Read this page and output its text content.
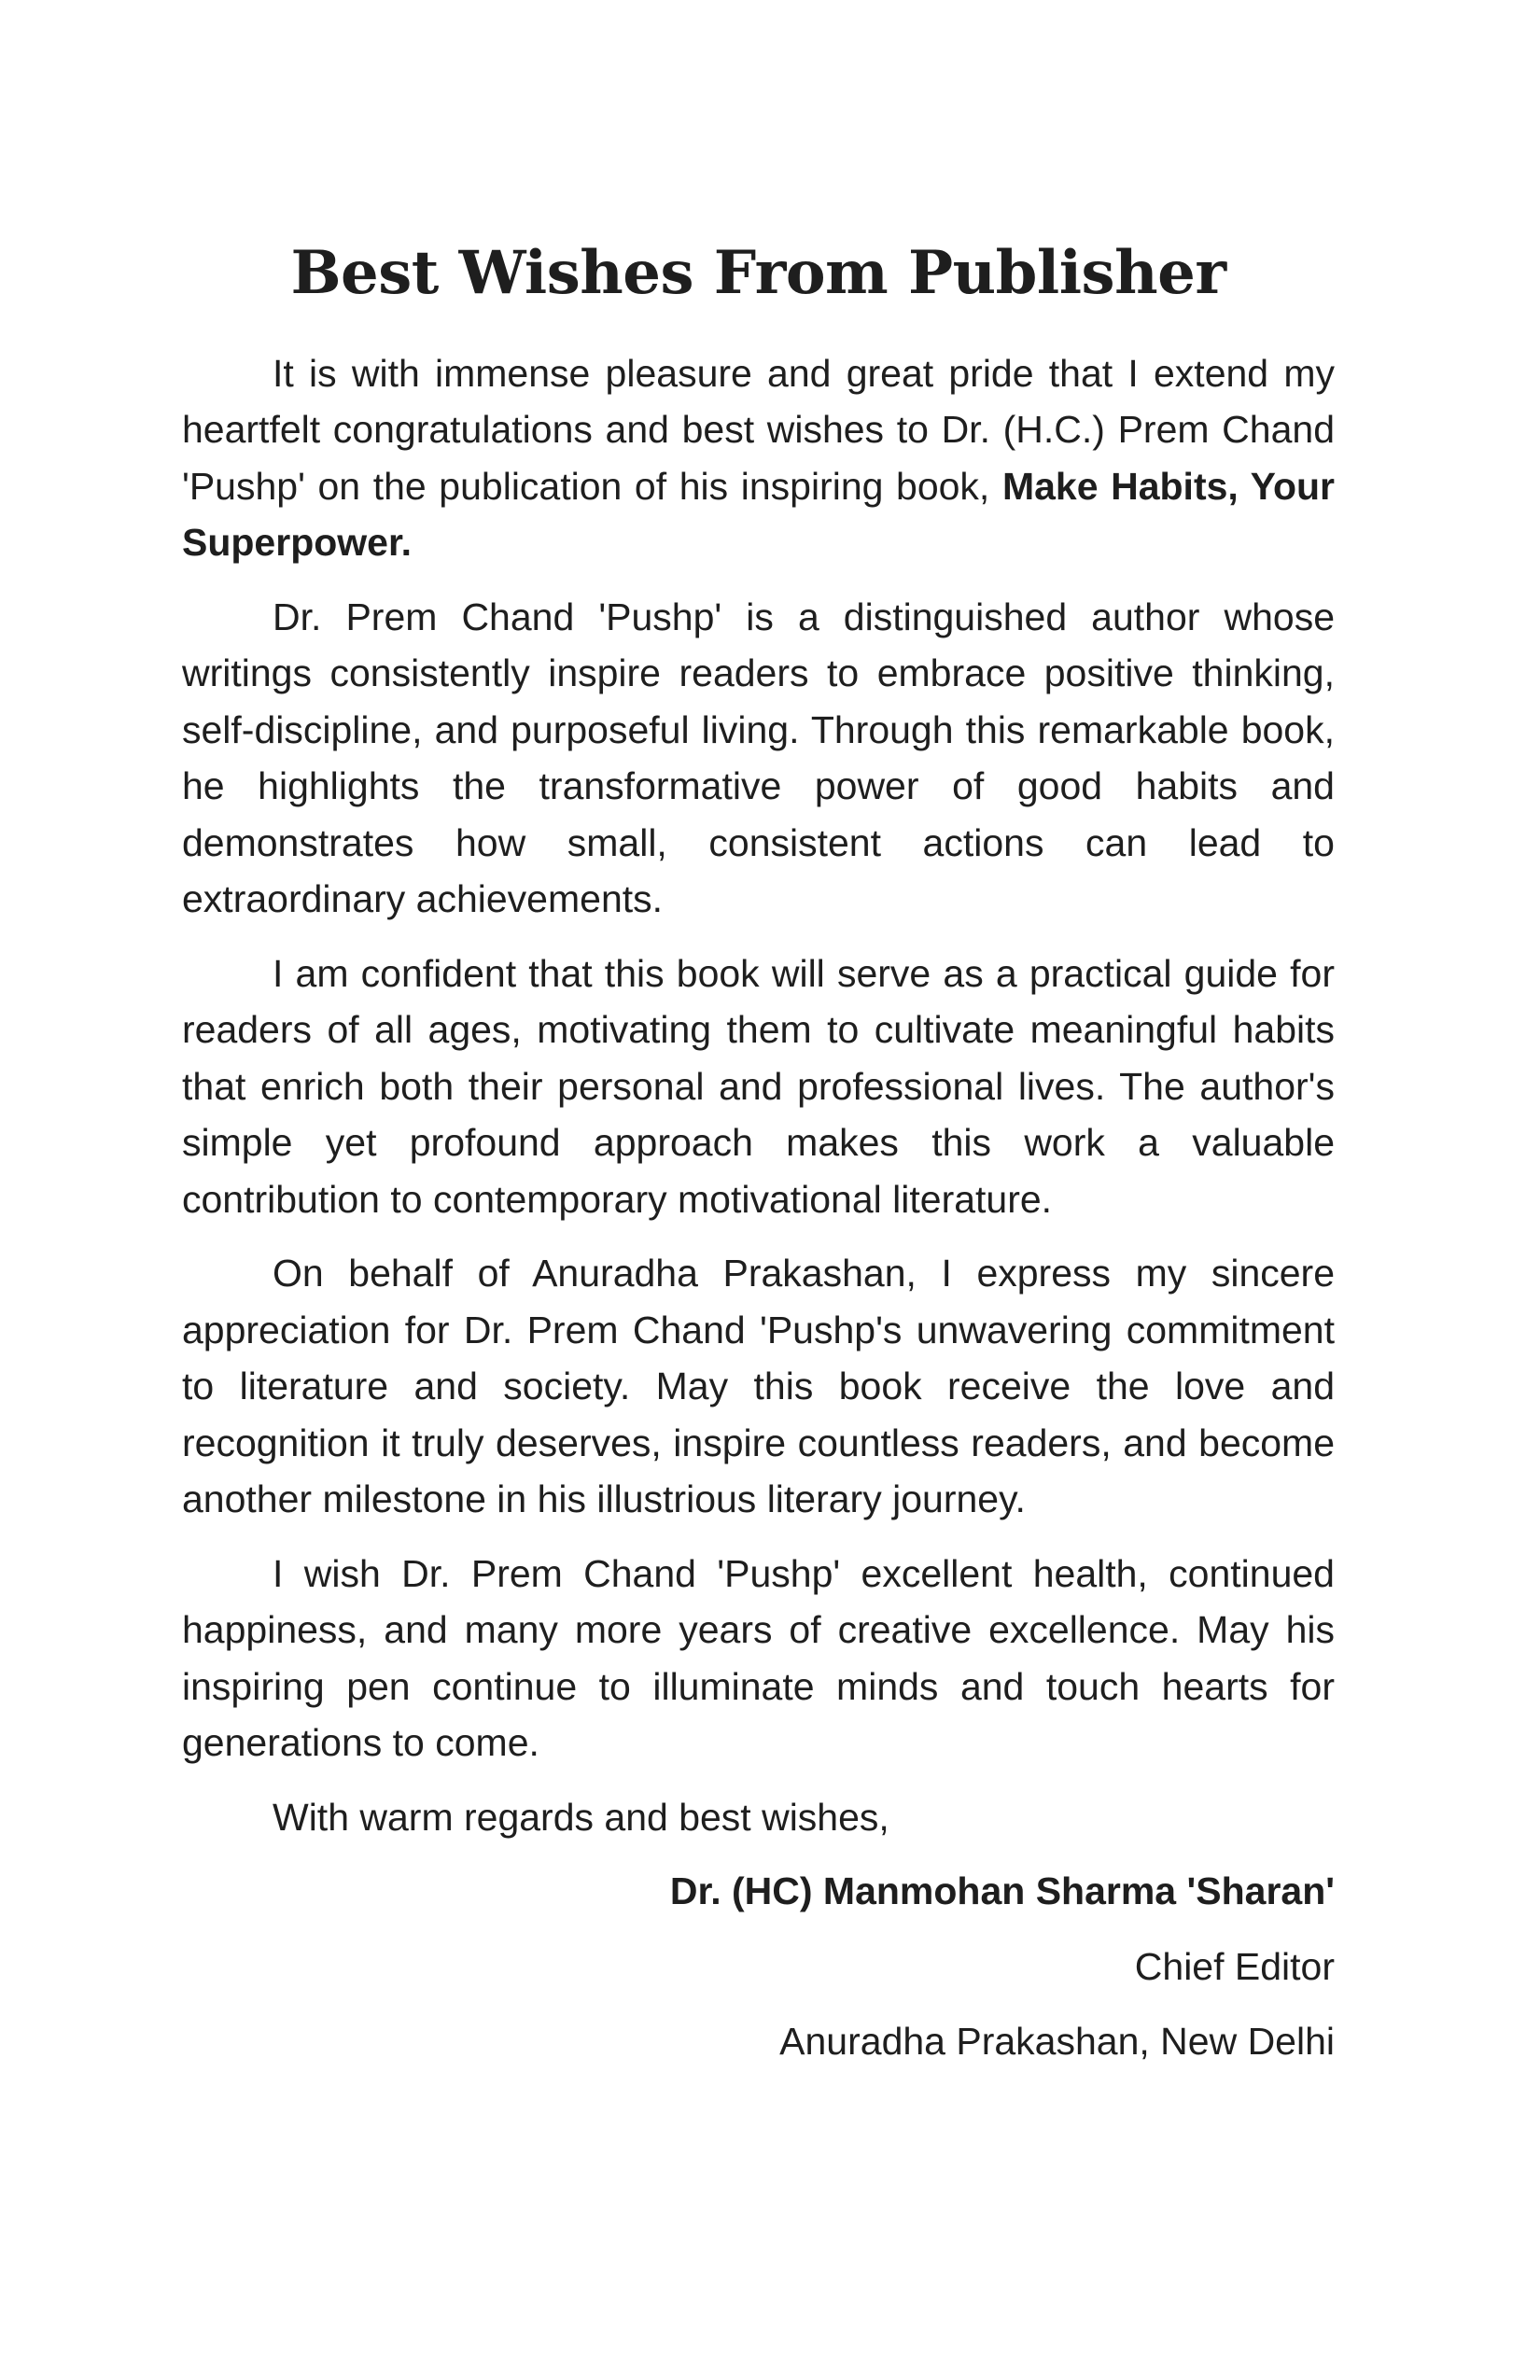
Best Wishes From Publisher

It is with immense pleasure and great pride that I extend my heartfelt congratulations and best wishes to Dr. (H.C.) Prem Chand 'Pushp' on the publication of his inspiring book, Make Habits, Your Superpower.

Dr. Prem Chand 'Pushp' is a distinguished author whose writings consistently inspire readers to embrace positive thinking, self-discipline, and purposeful living. Through this remarkable book, he highlights the transformative power of good habits and demonstrates how small, consistent actions can lead to extraordinary achievements.

I am confident that this book will serve as a practical guide for readers of all ages, motivating them to cultivate meaningful habits that enrich both their personal and professional lives. The author's simple yet profound approach makes this work a valuable contribution to contemporary motivational literature.

On behalf of Anuradha Prakashan, I express my sincere appreciation for Dr. Prem Chand 'Pushp's unwavering commitment to literature and society. May this book receive the love and recognition it truly deserves, inspire countless readers, and become another milestone in his illustrious literary journey.

I wish Dr. Prem Chand 'Pushp' excellent health, continued happiness, and many more years of creative excellence. May his inspiring pen continue to illuminate minds and touch hearts for generations to come.

With warm regards and best wishes,

Dr. (HC) Manmohan Sharma 'Sharan'

Chief Editor

Anuradha Prakashan, New Delhi
